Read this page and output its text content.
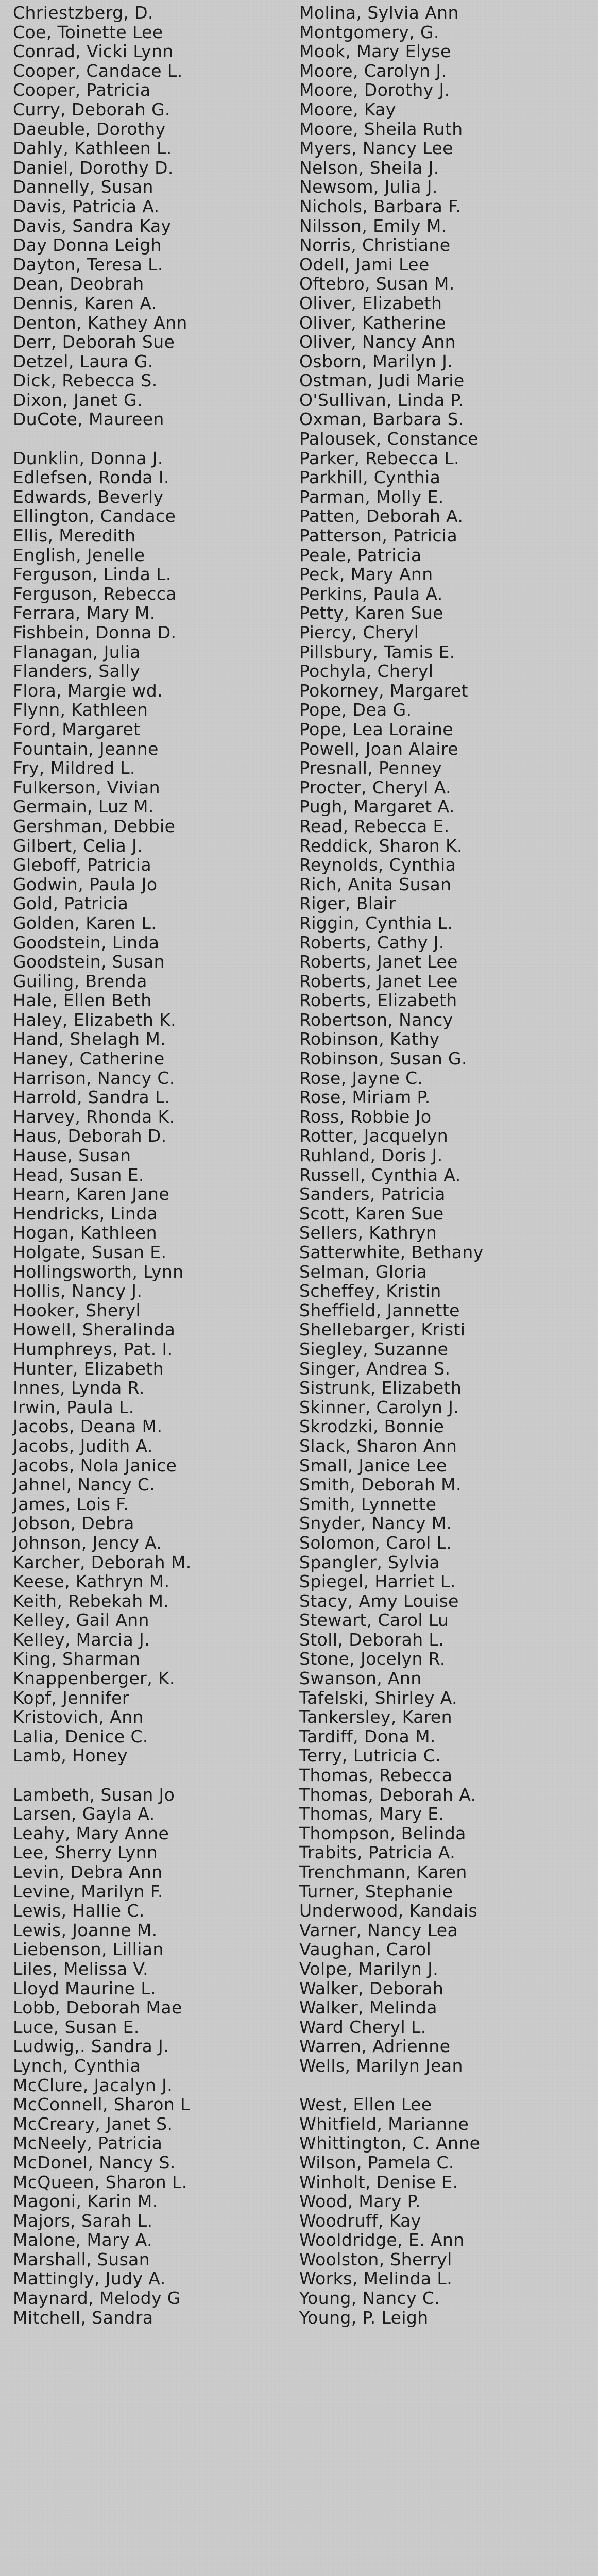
Chriestzberg, D.
Coe, Toinette Lee
Conrad, Vicki Lynn
Cooper, Candace L.
Cooper, Patricia
Curry, Deborah G.
Daeuble, Dorothy
Dahly, Kathleen L.
Daniel, Dorothy D.
Dannelly, Susan
Davis, Patricia A.
Davis, Sandra Kay
Day Donna Leigh
Dayton, Teresa L.
Dean, Deobrah
Dennis, Karen A.
Denton, Kathey Ann
Derr, Deborah Sue
Detzel, Laura G.
Dick, Rebecca S.
Dixon, Janet G.
DuCote, Maureen
Dunklin, Donna J.
Edlefsen, Ronda I.
Edwards, Beverly
Ellington, Candace
Ellis, Meredith
English, Jenelle
Ferguson, Linda L.
Ferguson, Rebecca
Ferrara, Mary M.
Fishbein, Donna D.
Flanagan, Julia
Flanders, Sally
Flora, Margie wd.
Flynn, Kathleen
Ford, Margaret
Fountain, Jeanne
Fry, Mildred L.
Fulkerson, Vivian
Germain, Luz M.
Gershman, Debbie
Gilbert, Celia J.
Gleboff, Patricia
Godwin, Paula Jo
Gold, Patricia
Golden, Karen L.
Goodstein, Linda
Goodstein, Susan
Guiling, Brenda
Hale, Ellen Beth
Haley, Elizabeth K.
Hand, Shelagh M.
Haney, Catherine
Harrison, Nancy C.
Harrold, Sandra L.
Harvey, Rhonda K.
Haus, Deborah D.
Hause, Susan
Head, Susan E.
Hearn, Karen Jane
Hendricks, Linda
Hogan, Kathleen
Holgate, Susan E.
Hollingsworth, Lynn
Hollis, Nancy J.
Hooker, Sheryl
Howell, Sheralinda
Humphreys, Pat. I.
Hunter, Elizabeth
Innes, Lynda R.
Irwin, Paula L.
Jacobs, Deana M.
Jacobs, Judith A.
Jacobs, Nola Janice
Jahnel, Nancy C.
James, Lois F.
Jobson, Debra
Johnson, Jency A.
Karcher, Deborah M.
Keese, Kathryn M.
Keith, Rebekah M.
Kelley, Gail Ann
Kelley, Marcia J.
King, Sharman
Knappenberger, K.
Kopf, Jennifer
Kristovich, Ann
Lalia, Denice C.
Lamb, Honey
Lambeth, Susan Jo
Larsen, Gayla A.
Leahy, Mary Anne
Lee, Sherry Lynn
Levin, Debra Ann
Levine, Marilyn F.
Lewis, Hallie C.
Lewis, Joanne M.
Liebenson, Lillian
Liles, Melissa V.
Lloyd Maurine L.
Lobb, Deborah Mae
Luce, Susan E.
Ludwig,. Sandra J.
Lynch, Cynthia
McClure, Jacalyn J.
McConnell, Sharon L
McCreary, Janet S.
McNeely, Patricia
McDonel, Nancy S.
McQueen, Sharon L.
Magoni, Karin M.
Majors, Sarah L.
Malone, Mary A.
Marshall, Susan
Mattingly, Judy A.
Maynard, Melody G
Mitchell, Sandra
Molina, Sylvia Ann
Montgomery, G.
Mook, Mary Elyse
Moore, Carolyn J.
Moore, Dorothy J.
Moore, Kay
Moore, Sheila Ruth
Myers, Nancy Lee
Nelson, Sheila J.
Newsom, Julia J.
Nichols, Barbara F.
Nilsson, Emily M.
Norris, Christiane
Odell, Jami Lee
Oftebro, Susan M.
Oliver, Elizabeth
Oliver, Katherine
Oliver, Nancy Ann
Osborn, Marilyn J.
Ostman, Judi Marie
O'Sullivan, Linda P.
Oxman, Barbara S.
Palousek, Constance
Parker, Rebecca L.
Parkhill, Cynthia
Parman, Molly E.
Patten, Deborah A.
Patterson, Patricia
Peale, Patricia
Peck, Mary Ann
Perkins, Paula A.
Petty, Karen Sue
Piercy, Cheryl
Pillsbury, Tamis E.
Pochyla, Cheryl
Pokorney, Margaret
Pope, Dea G.
Pope, Lea Loraine
Powell, Joan Alaire
Presnall, Penney
Procter, Cheryl A.
Pugh, Margaret A.
Read, Rebecca E.
Reddick, Sharon K.
Reynolds, Cynthia
Rich, Anita Susan
Riger, Blair
Riggin, Cynthia L.
Roberts, Cathy J.
Roberts, Janet Lee
Roberts, Janet Lee
Roberts, Elizabeth
Robertson, Nancy
Robinson, Kathy
Robinson, Susan G.
Rose, Jayne C.
Rose, Miriam P.
Ross, Robbie Jo
Rotter, Jacquelyn
Ruhland, Doris J.
Russell, Cynthia A.
Sanders, Patricia
Scott, Karen Sue
Sellers, Kathryn
Satterwhite, Bethany
Selman, Gloria
Scheffey, Kristin
Sheffield, Jannette
Shellebarger, Kristi
Siegley, Suzanne
Singer, Andrea S.
Sistrunk, Elizabeth
Skinner, Carolyn J.
Skrodzki, Bonnie
Slack, Sharon Ann
Small, Janice Lee
Smith, Deborah M.
Smith, Lynnette
Snyder, Nancy M.
Solomon, Carol L.
Spangler, Sylvia
Spiegel, Harriet L.
Stacy, Amy Louise
Stewart, Carol Lu
Stoll, Deborah L.
Stone, Jocelyn R.
Swanson, Ann
Tafelski, Shirley A.
Tankersley, Karen
Tardiff, Dona M.
Terry, Lutricia C.
Thomas, Rebecca
Thomas, Deborah A.
Thomas, Mary E.
Thompson, Belinda
Trabits, Patricia A.
Trenchmann, Karen
Turner, Stephanie
Underwood, Kandais
Varner, Nancy Lea
Vaughan, Carol
Volpe, Marilyn J.
Walker, Deborah
Walker, Melinda
Ward Cheryl L.
Warren, Adrienne
Wells, Marilyn Jean
West, Ellen Lee
Whitfield, Marianne
Whittington, C. Anne
Wilson, Pamela C.
Winholt, Denise E.
Wood, Mary P.
Woodruff, Kay
Wooldridge, E. Ann
Woolston, Sherryl
Works, Melinda L.
Young, Nancy C.
Young, P. Leigh
